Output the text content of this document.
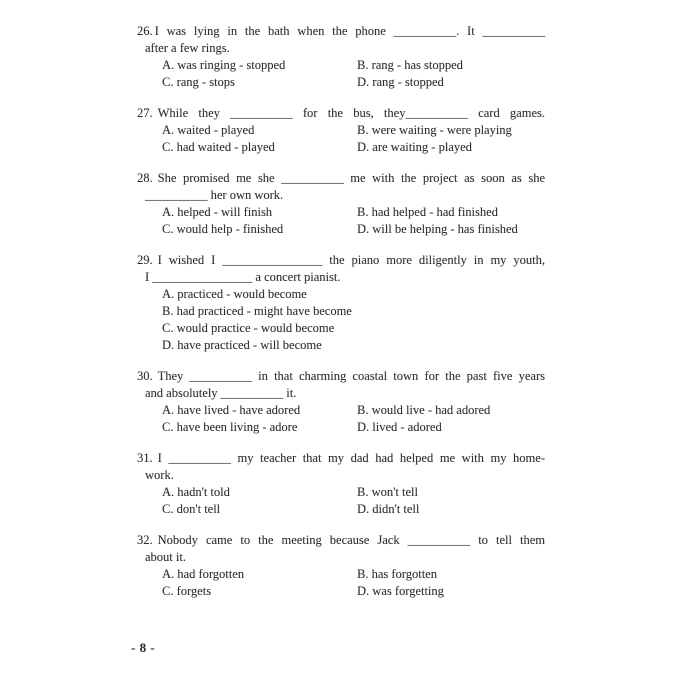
26. I was lying in the bath when the phone __________. It __________
after a few rings.
A. was ringing - stopped	B. rang - has stopped
C. rang - stops	D. rang - stopped
27. While they __________ for the bus, they__________ card games.
A. waited - played	B. were waiting - were playing
C. had waited - played	D. are waiting - played
28. She promised me she __________ me with the project as soon as she
__________ her own work.
A. helped - will finish	B. had helped - had finished
C. would help - finished	D. will be helping - has finished
29. I wished I ________________ the piano more diligently in my youth,
I ________________ a concert pianist.
A. practiced - would become
B. had practiced - might have become
C. would practice - would become
D. have practiced - will become
30. They __________ in that charming coastal town for the past five years
and absolutely __________ it.
A. have lived - have adored	B. would live - had adored
C. have been living - adore	D. lived - adored
31. I __________ my teacher that my dad had helped me with my home-
work.
A. hadn't told	B. won't tell
C. don't tell	D. didn't tell
32. Nobody came to the meeting because Jack __________ to tell them
about it.
A. had forgotten	B. has forgotten
C. forgets	D. was forgetting
- 8 -
